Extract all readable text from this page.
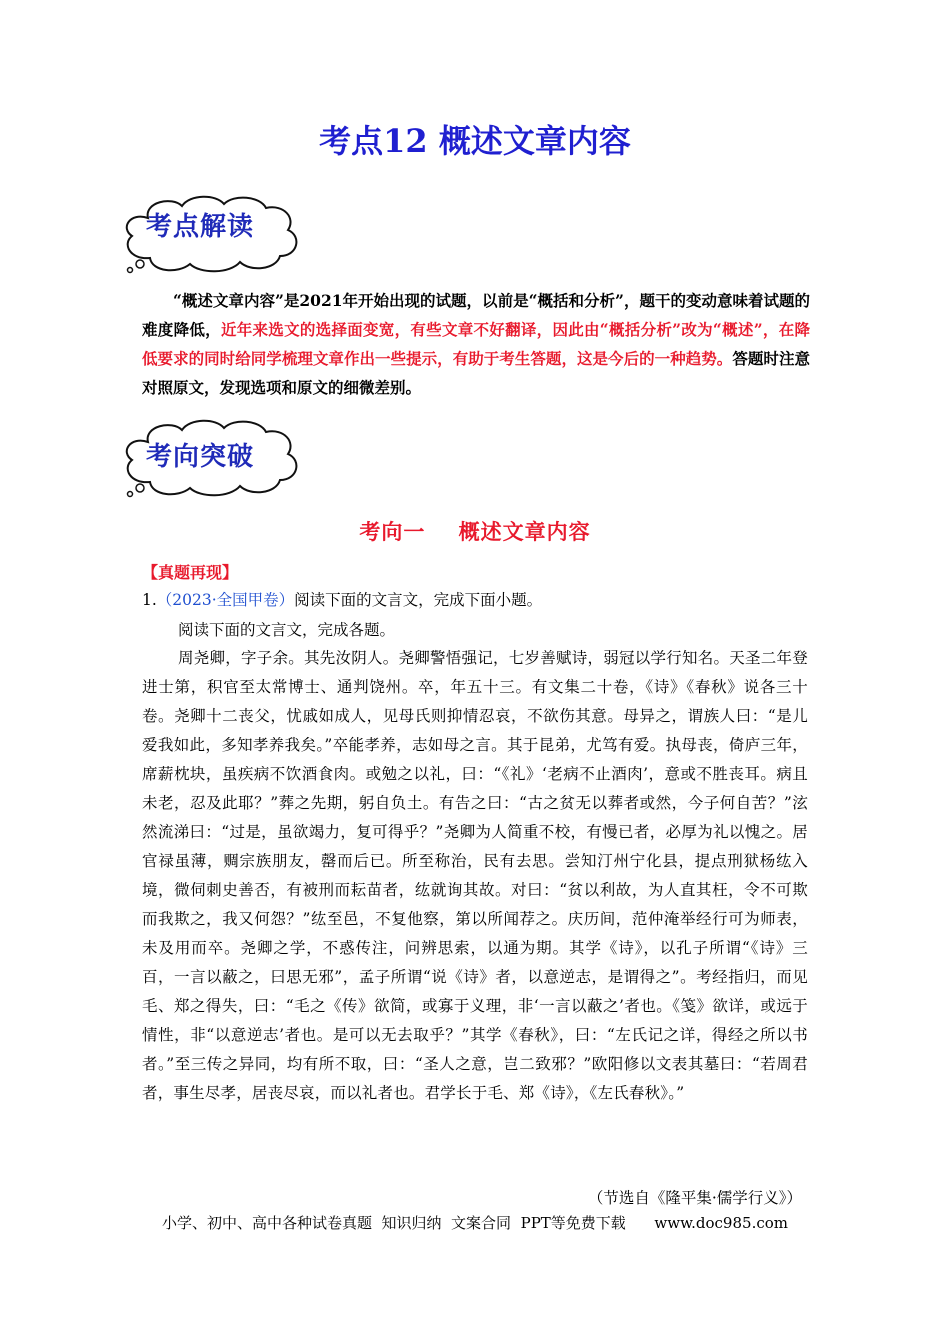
考点12 概述文章内容
考点解读
“概述文章内容”是2021年开始出现的试题，以前是“概括和分析”，题干的变动意味着试题的难度降低，近年来选文的选择面变宽，有些文章不好翻译，因此由“概括分析”改为“概述”，在降低要求的同时给同学梳理文章作出一些提示，有助于考生答题，这是今后的一种趋势。答题时注意对照原文，发现选项和原文的细微差别。
考向突破
考向一    概述文章内容
【真题再现】
1.（2023·全国甲卷）阅读下面的文言文，完成下面小题。
阅读下面的文言文，完成各题。
周尧卿，字子余。其先汝阴人。尧卿警悟强记，七岁善赋诗，弱冠以学行知名。天圣二年登进士第，积官至太常博士、通判饶州。卒，年五十三。有文集二十卷，《诗》《春秋》说各三十卷。尧卿十二丧父，忧戚如成人，见母氏则抑情忍哀，不欲伤其意。母异之，谓族人曰：“是儿爱我如此，多知孝养我矣。”卒能孝养，志如母之言。其于昆弟，尤笃有爱。执母丧，倚庐三年，席薪枕块，虽疾病不饮酒食肉。或勉之以礼，曰：“《礼》‘老病不止酒肉’，意或不胜丧耳。病且未老，忍及此耶？”葬之先期，躬自负土。有告之曰：“古之贫无以葬者或然，今子何自苦？”泫然流涕曰：“过是，虽欲竭力，复可得乎？”尧卿为人简重不校，有慢已者，必厚为礼以愧之。居官禄虽薄，赒宗族朋友，罄而后已。所至称治，民有去思。尝知汀州宁化县，提点刑狱杨纮入境，微伺刺史善否，有被刑而耘苗者，纮就询其故。对曰：“贫以利故，为人直其枉，令不可欺而我欺之，我又何怨？”纮至邑，不复他察，第以所闻荐之。庆历间，范仲淹举经行可为师表，未及用而卒。尧卿之学，不惑传注，问辨思索，以通为期。其学《诗》，以孔子所谓“《诗》三百，一言以蔽之，曰思无邪”，孟子所谓“说《诗》者，以意逆志，是谓得之”。考经指归，而见毛、郑之得失，曰：“毛之《传》欲简，或寡于义理，非‘一言以蔽之’者也。《笺》欲详，或远于情性，非“以意逆志’者也。是可以无去取乎？”其学《春秋》，曰：“左氏记之详，得经之所以书者。”至三传之异同，均有所不取，曰：“圣人之意，岂二致邪？”欧阳修以文表其墓曰：“若周君者，事生尽孝，居丧尽哀，而以礼者也。君学长于毛、郑《诗》，《左氏春秋》。”
（节选自《隆平集·儒学行义》）
小学、初中、高中各种试卷真题  知识归纳  文案合同  PPT等免费下载      www.doc985.com
